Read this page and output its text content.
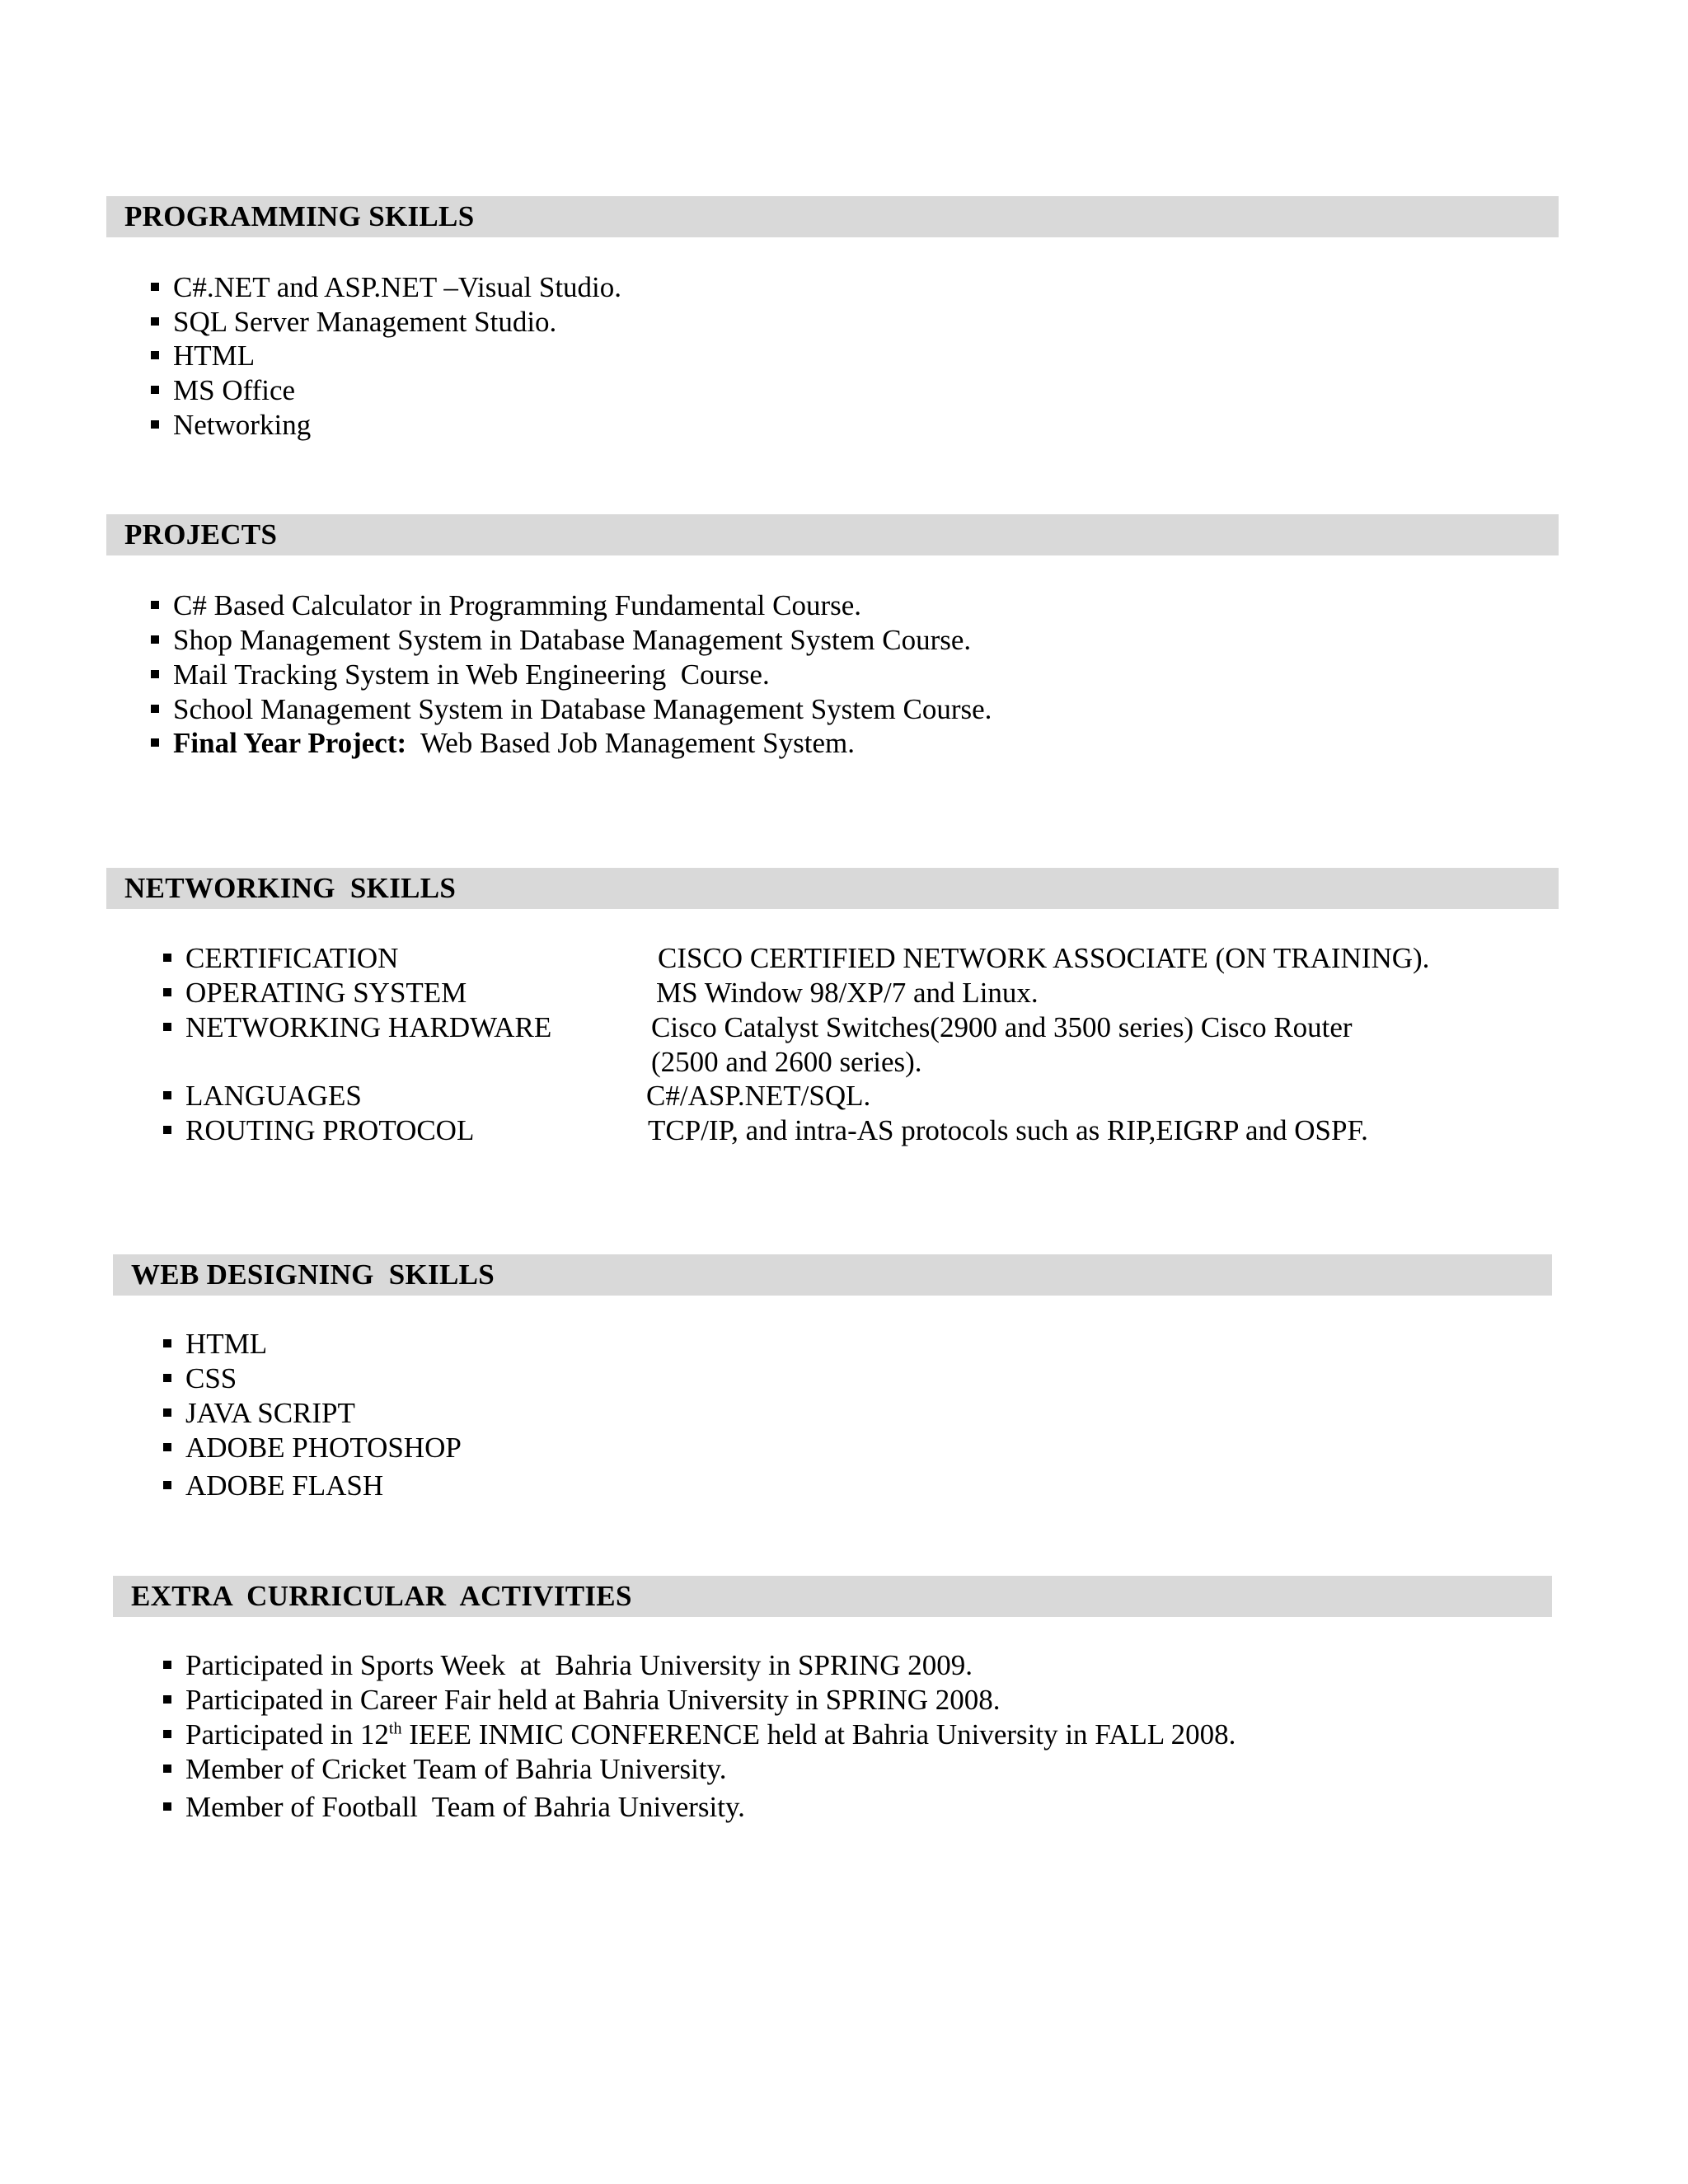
PROGRAMMING SKILLS
C#.NET and ASP.NET –Visual Studio.
SQL Server Management Studio.
HTML
MS Office
Networking
PROJECTS
C# Based Calculator in Programming Fundamental Course.
Shop Management System in Database Management System Course.
Mail Tracking System in Web Engineering  Course.
School Management System in Database Management System Course.
Final Year Project:  Web Based Job Management System.
NETWORKING  SKILLS
CERTIFICATION	CISCO CERTIFIED NETWORK ASSOCIATE (ON TRAINING).
OPERATING SYSTEM	MS Window 98/XP/7 and Linux.
NETWORKING HARDWARE	Cisco Catalyst Switches(2900 and 3500 series) Cisco Router
(2500 and 2600 series).
LANGUAGES	C#/ASP.NET/SQL.
ROUTING PROTOCOL	TCP/IP, and intra-AS protocols such as RIP,EIGRP and OSPF.
WEB DESIGNING  SKILLS
HTML
CSS
JAVA SCRIPT
ADOBE PHOTOSHOP
ADOBE FLASH
EXTRA  CURRICULAR  ACTIVITIES
Participated in Sports Week  at  Bahria University in SPRING 2009.
Participated in Career Fair held at Bahria University in SPRING 2008.
Participated in 12th IEEE INMIC CONFERENCE held at Bahria University in FALL 2008.
Member of Cricket Team of Bahria University.
Member of Football  Team of Bahria University.
